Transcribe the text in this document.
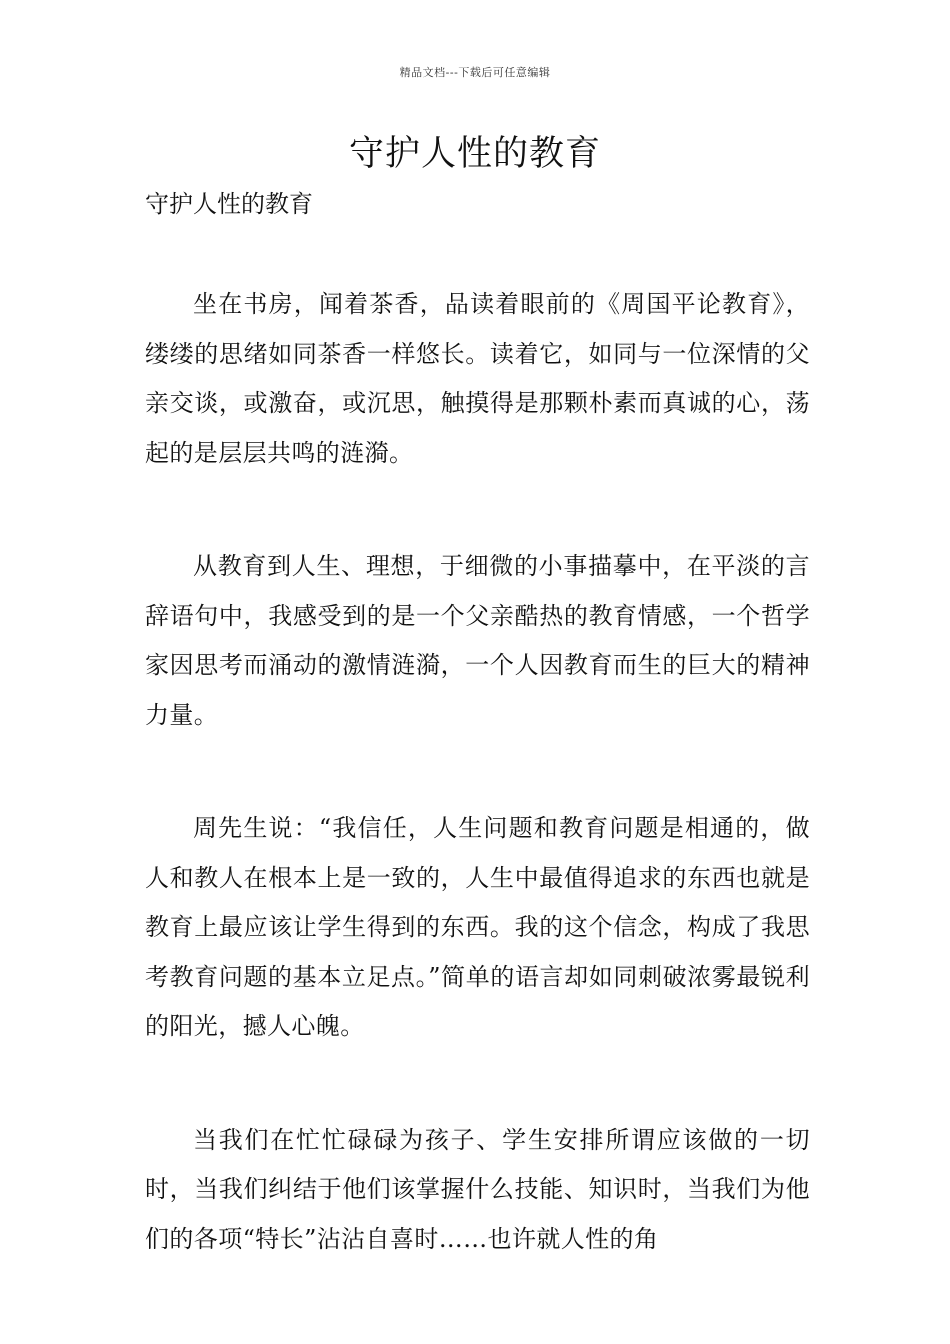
精品文档---下载后可任意编辑
守护人性的教育

守护人性的教育

坐在书房，闻着茶香，品读着眼前的《周国平论教育》，缕缕的思绪如同茶香一样悠长。读着它，如同与一位深情的父亲交谈，或激奋，或沉思，触摸得是那颗朴素而真诚的心，荡起的是层层共鸣的涟漪。

从教育到人生、理想，于细微的小事描摹中，在平淡的言辞语句中，我感受到的是一个父亲酷热的教育情感，一个哲学家因思考而涌动的激情涟漪，一个人因教育而生的巨大的精神力量。

周先生说：“我信任，人生问题和教育问题是相通的，做人和教人在根本上是一致的，人生中最值得追求的东西也就是教育上最应该让学生得到的东西。我的这个信念，构成了我思考教育问题的基本立足点。”简单的语言却如同刺破浓雾最锐利的阳光，撼人心魄。

当我们在忙忙碌碌为孩子、学生安排所谓应该做的一切时，当我们纠结于他们该掌握什么技能、知识时，当我们为他们的各项“特长”沾沾自喜时……也许就人性的角
